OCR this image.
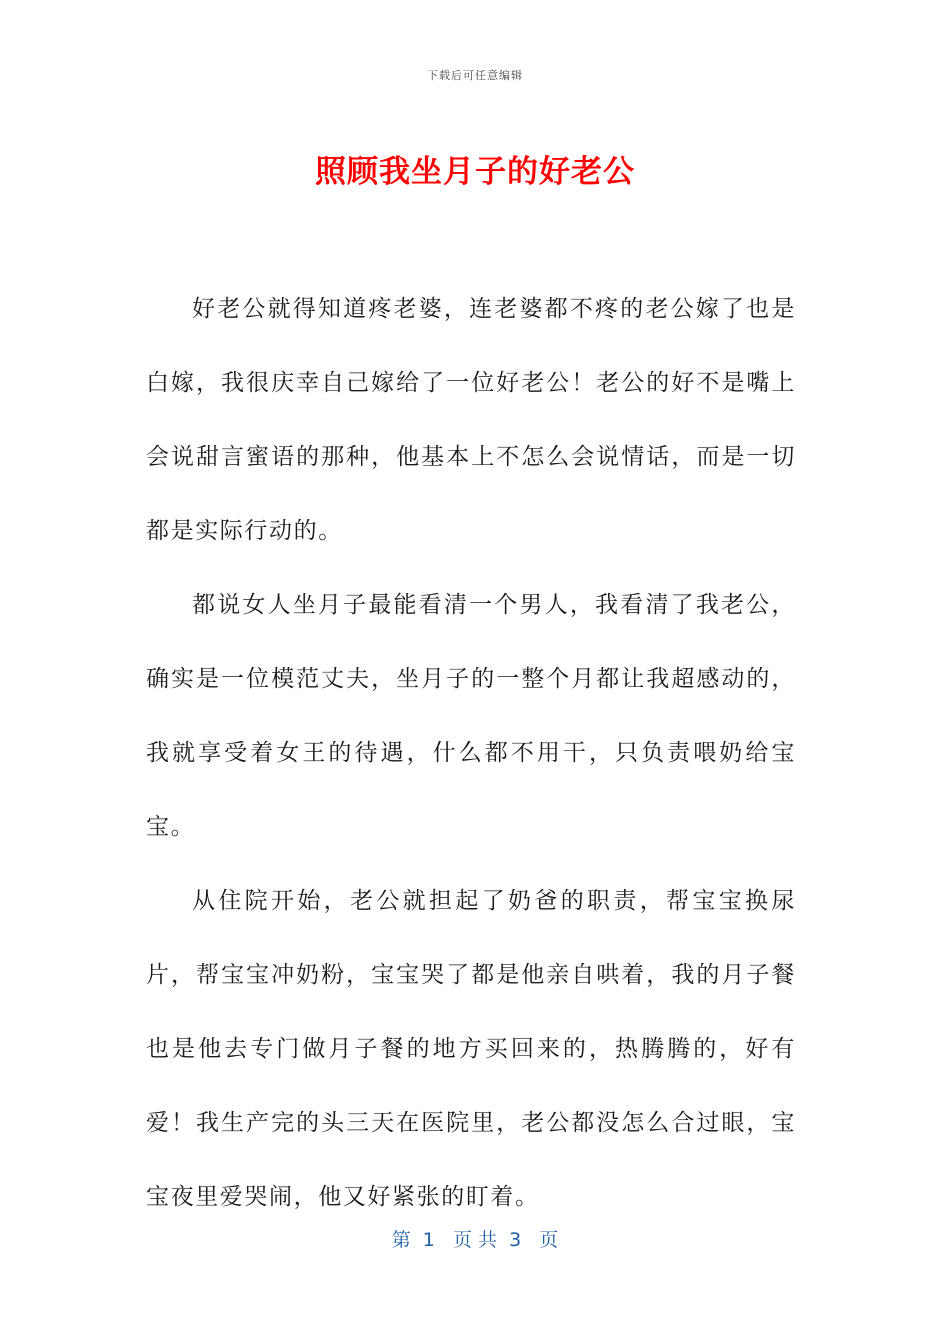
下载后可任意编辑
照顾我坐月子的好老公

好老公就得知道疼老婆，连老婆都不疼的老公嫁了也是白嫁，我很庆幸自己嫁给了一位好老公！老公的好不是嘴上会说甜言蜜语的那种，他基本上不怎么会说情话，而是一切都是实际行动的。

都说女人坐月子最能看清一个男人，我看清了我老公，确实是一位模范丈夫，坐月子的一整个月都让我超感动的，我就享受着女王的待遇，什么都不用干，只负责喂奶给宝宝。

从住院开始，老公就担起了奶爸的职责，帮宝宝换尿片，帮宝宝冲奶粉，宝宝哭了都是他亲自哄着，我的月子餐也是他去专门做月子餐的地方买回来的，热腾腾的，好有爱！我生产完的头三天在医院里，老公都没怎么合过眼，宝宝夜里爱哭闹，他又好紧张的盯着。

第  1   页 共  3   页
